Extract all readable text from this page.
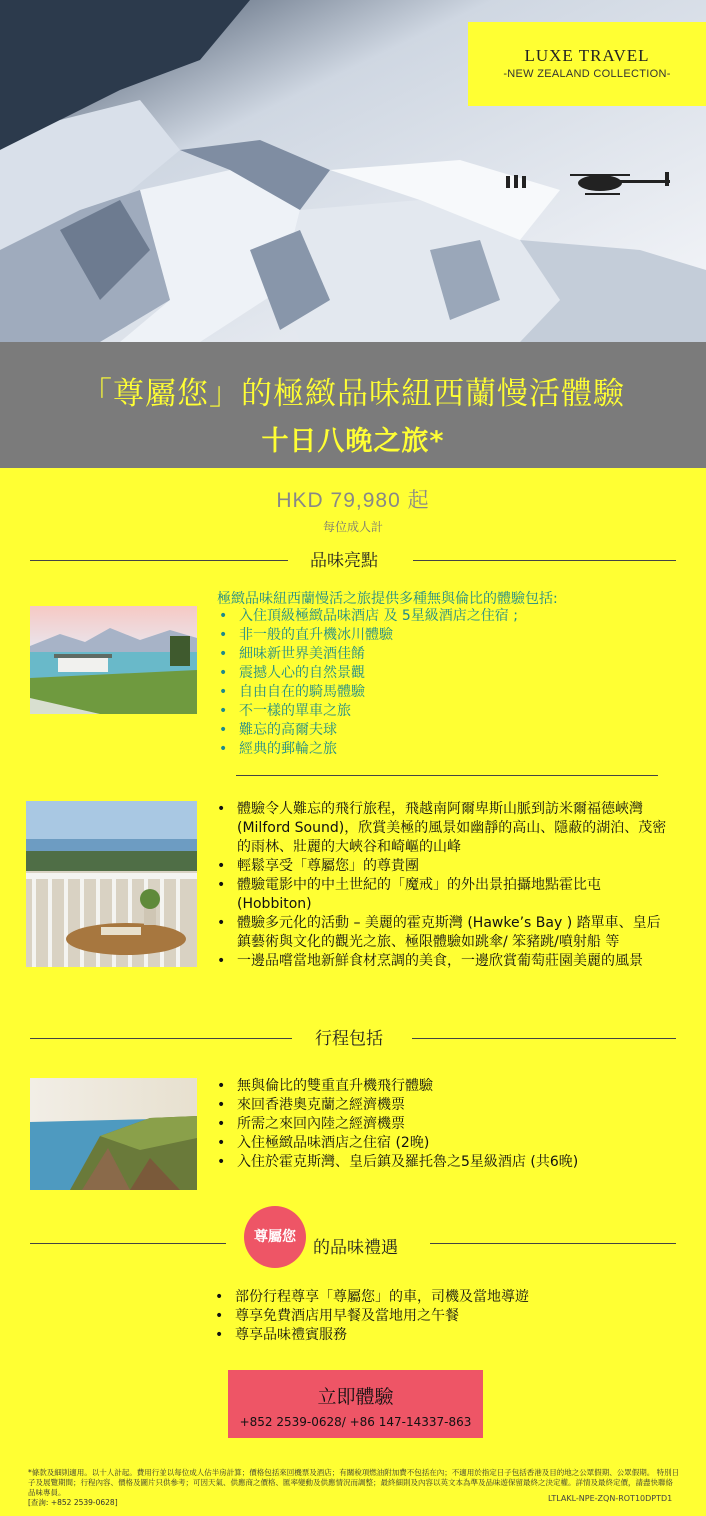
LUXE TRAVEL
-NEW ZEALAND COLLECTION-
「尊屬您」的極緻品味紐西蘭慢活體驗
十日八晚之旅*
HKD 79,980 起
每位成人計
品味亮點
極緻品味紐西蘭慢活之旅提供多種無與倫比的體驗包括:
• 入住頂級極緻品味酒店 及 5星級酒店之住宿 ;
• 非一般的直升機冰川體驗
• 細味新世界美酒佳餚
• 震撼人心的自然景觀
• 自由自在的騎馬體驗
• 不一樣的單車之旅
• 難忘的高爾夫球
• 經典的郵輪之旅
• 體驗令人難忘的飛行旅程，飛越南阿爾卑斯山脈到訪米爾福德峽灣 (Milford Sound)，欣賞美極的風景如幽靜的高山、隱蔽的湖泊、茂密的雨林、壯麗的大峽谷和崎嶇的山峰
• 輕鬆享受「尊屬您」的尊貴團
• 體驗電影中的中土世紀的「魔戒」的外出景拍攝地點霍比屯 (Hobbiton)
• 體驗多元化的活動 – 美麗的霍克斯灣 (Hawke’s Bay ) 踏單車、皇后鎮藝術與文化的觀光之旅、極限體驗如跳傘/ 笨豬跳/噴射船 等
• 一邊品嚐當地新鮮食材烹調的美食，一邊欣賞葡萄莊園美麗的風景
行程包括
• 無與倫比的雙重直升機飛行體驗
• 來回香港奧克蘭之經濟機票
• 所需之來回內陸之經濟機票
• 入住極緻品味酒店之住宿 (2晚)
• 入住於霍克斯灣、皇后鎮及羅托魯之5星級酒店 (共6晚)
尊屬您
的品味禮遇
• 部份行程尊享「尊屬您」的車，司機及當地導遊
• 尊享免費酒店用早餐及當地用之午餐
• 尊享品味禮賓服務
立即體驗
+852 2539-0628/ +86 147-14337-863
*條款及細則適用。以十人計起。費用行並以每位成人佔半房計算；價格包括來回機票及酒店；有關稅項燃油附加費不包括在內；不適用於指定日子包括香港及目的地之公眾假期、公眾假期。 特別日子及展覽期間；行程內容、價格及圖片只供參考；可因天氣、供應商之價格、匯率變動及供應情況而調整；最終細則及內容以英文本為準及品味遊保留最終之決定權。詳情及最終定價，請盡快聯絡品味專員。
[查詢: +852 2539-0628]	LTLAKL-NPE-ZQN-ROT10DPTD1
